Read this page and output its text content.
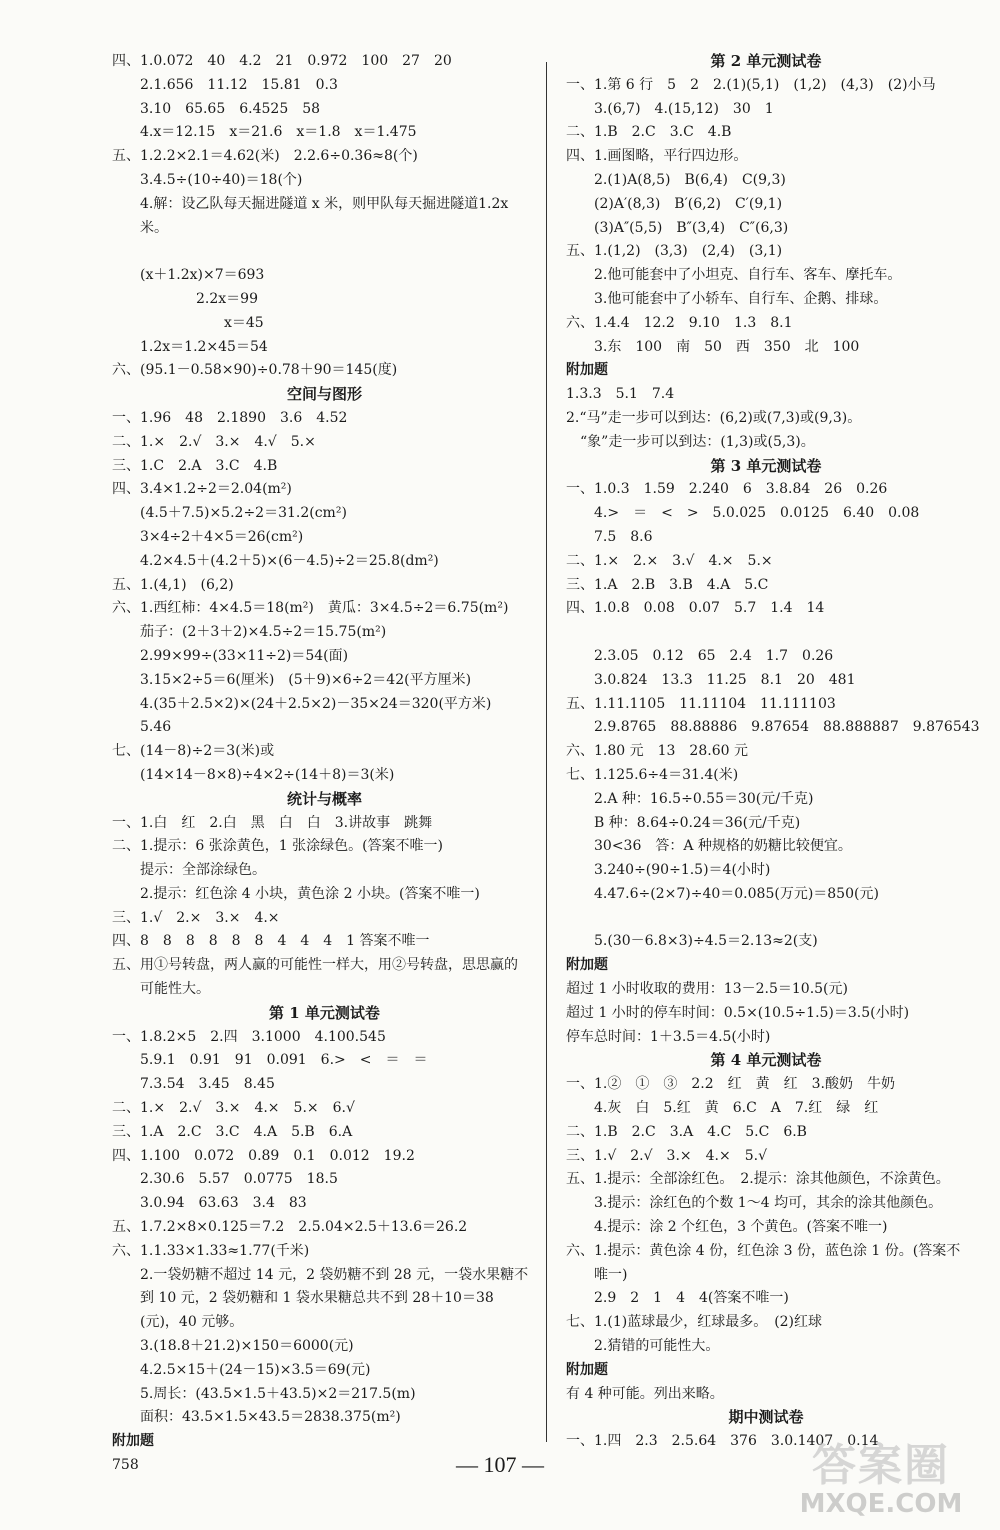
四、1.0.072　40　4.2　21　0.972　100　27　20
　　2.1.656　11.12　15.81　0.3
　　3.10　65.65　6.4525　58
　　4.x＝12.15　x＝21.6　x＝1.8　x＝1.475
五、1.2.2×2.1＝4.62(米)　2.2.6÷0.36≈8(个)
　　3.4.5÷(10÷40)＝18(个)
　　4.解：设乙队每天掘进隧道 x 米，则甲队每天掘进隧道1.2x
　　米。

　　(x＋1.2x)×7＝693
　　　　　　2.2x＝99
　　　　　　　　x＝45
　　1.2x＝1.2×45＝54
六、(95.1－0.58×90)÷0.78＋90＝145(度)
空间与图形
一、1.96　48　2.1890　3.6　4.52
二、1.×　2.√　3.×　4.√　5.×
三、1.C　2.A　3.C　4.B
四、3.4×1.2÷2＝2.04(m²)
　　(4.5＋7.5)×5.2÷2＝31.2(cm²)
　　3×4÷2＋4×5＝26(cm²)
　　4.2×4.5＋(4.2＋5)×(6－4.5)÷2＝25.8(dm²)
五、1.(4,1)　(6,2)
六、1.西红柿：4×4.5＝18(m²)　黄瓜：3×4.5÷2＝6.75(m²)
　　茄子：(2＋3＋2)×4.5÷2＝15.75(m²)
　　2.99×99÷(33×11÷2)＝54(面)
　　3.15×2÷5＝6(厘米)　(5＋9)×6÷2＝42(平方厘米)
　　4.(35＋2.5×2)×(24＋2.5×2)－35×24＝320(平方米)
　　5.46
七、(14－8)÷2＝3(米)或
　　(14×14－8×8)÷4×2÷(14＋8)＝3(米)
统计与概率
一、1.白　红　2.白　黑　白　白　3.讲故事　跳舞
二、1.提示：6 张涂黄色，1 张涂绿色。(答案不唯一)
　　提示：全部涂绿色。
　　2.提示：红色涂 4 小块，黄色涂 2 小块。(答案不唯一)
三、1.√　2.×　3.×　4.×
四、8　8　8　8　8　8　4　4　4　1 答案不唯一
五、用①号转盘，两人赢的可能性一样大，用②号转盘，思思赢的
　　可能性大。
第 1 单元测试卷
一、1.8.2×5　2.四　3.1000　4.100.545
　　5.9.1　0.91　91　0.091　6.>　<　＝　＝
　　7.3.54　3.45　8.45
二、1.×　2.√　3.×　4.×　5.×　6.√
三、1.A　2.C　3.C　4.A　5.B　6.A
四、1.100　0.072　0.89　0.1　0.012　19.2
　　2.30.6　5.57　0.0775　18.5
　　3.0.94　63.63　3.4　83
五、1.7.2×8×0.125＝7.2　2.5.04×2.5＋13.6＝26.2
六、1.1.33×1.33≈1.77(千米)
　　2.一袋奶糖不超过 14 元，2 袋奶糖不到 28 元，一袋水果糖不
　　到 10 元，2 袋奶糖和 1 袋水果糖总共不到 28＋10＝38
　　(元)，40 元够。
　　3.(18.8＋21.2)×150＝6000(元)
　　4.2.5×15＋(24－15)×3.5＝69(元)
　　5.周长：(43.5×1.5＋43.5)×2＝217.5(m)
　　面积：43.5×1.5×43.5＝2838.375(m²)
附加题
758
第 2 单元测试卷
一、1.第 6 行　5　2　2.(1)(5,1)　(1,2)　(4,3)　(2)小马
　　3.(6,7)　4.(15,12)　30　1
二、1.B　2.C　3.C　4.B
四、1.画图略，平行四边形。
　　2.(1)A(8,5)　B(6,4)　C(9,3)
　　(2)A′(8,3)　B′(6,2)　C′(9,1)
　　(3)A″(5,5)　B″(3,4)　C″(6,3)
五、1.(1,2)　(3,3)　(2,4)　(3,1)
　　2.他可能套中了小坦克、自行车、客车、摩托车。
　　3.他可能套中了小轿车、自行车、企鹅、排球。
六、1.4.4　12.2　9.10　1.3　8.1
　　3.东　100　南　50　西　350　北　100
附加题
1.3.3　5.1　7.4
2.“马”走一步可以到达：(6,2)或(7,3)或(9,3)。
　“象”走一步可以到达：(1,3)或(5,3)。
第 3 单元测试卷
一、1.0.3　1.59　2.240　6　3.8.84　26　0.26
　　4.>　＝　<　>　5.0.025　0.0125　6.40　0.08
　　7.5　8.6
二、1.×　2.×　3.√　4.×　5.×
三、1.A　2.B　3.B　4.A　5.C
四、1.0.8　0.08　0.07　5.7　1.4　14

　　2.3.05　0.12　65　2.4　1.7　0.26
　　3.0.824　13.3　11.25　8.1　20　481
五、1.11.1105　11.11104　11.111103
　　2.9.8765　88.88886　9.87654　88.888887　9.876543
六、1.80 元　13　28.60 元
七、1.125.6÷4＝31.4(米)
　　2.A 种：16.5÷0.55＝30(元/千克)
　　B 种：8.64÷0.24＝36(元/千克)
　　30<36　答：A 种规格的奶糖比较便宜。
　　3.240÷(90÷1.5)＝4(小时)
　　4.47.6÷(2×7)÷40＝0.085(万元)＝850(元)

　　5.(30－6.8×3)÷4.5＝2.13≈2(支)
附加题
超过 1 小时收取的费用：13－2.5＝10.5(元)
超过 1 小时的停车时间：0.5×(10.5÷1.5)＝3.5(小时)
停车总时间：1＋3.5＝4.5(小时)
第 4 单元测试卷
一、1.②　①　③　2.2　红　黄　红　3.酸奶　牛奶
　　4.灰　白　5.红　黄　6.C　A　7.红　绿　红
二、1.B　2.C　3.A　4.C　5.C　6.B
三、1.√　2.√　3.×　4.×　5.√
五、1.提示：全部涂红色。　2.提示：涂其他颜色，不涂黄色。
　　3.提示：涂红色的个数 1～4 均可，其余的涂其他颜色。
　　4.提示：涂 2 个红色，3 个黄色。(答案不唯一)
六、1.提示：黄色涂 4 份，红色涂 3 份，蓝色涂 1 份。(答案不
　　唯一)
　　2.9　2　1　4　4(答案不唯一)
七、1.(1)蓝球最少，红球最多。　(2)红球
　　2.猜错的可能性大。
附加题
有 4 种可能。列出来略。
期中测试卷
一、1.四　2.3　2.5.64　376　3.0.1407　0.14
— 107 —	答案圈
MXQE.COM
